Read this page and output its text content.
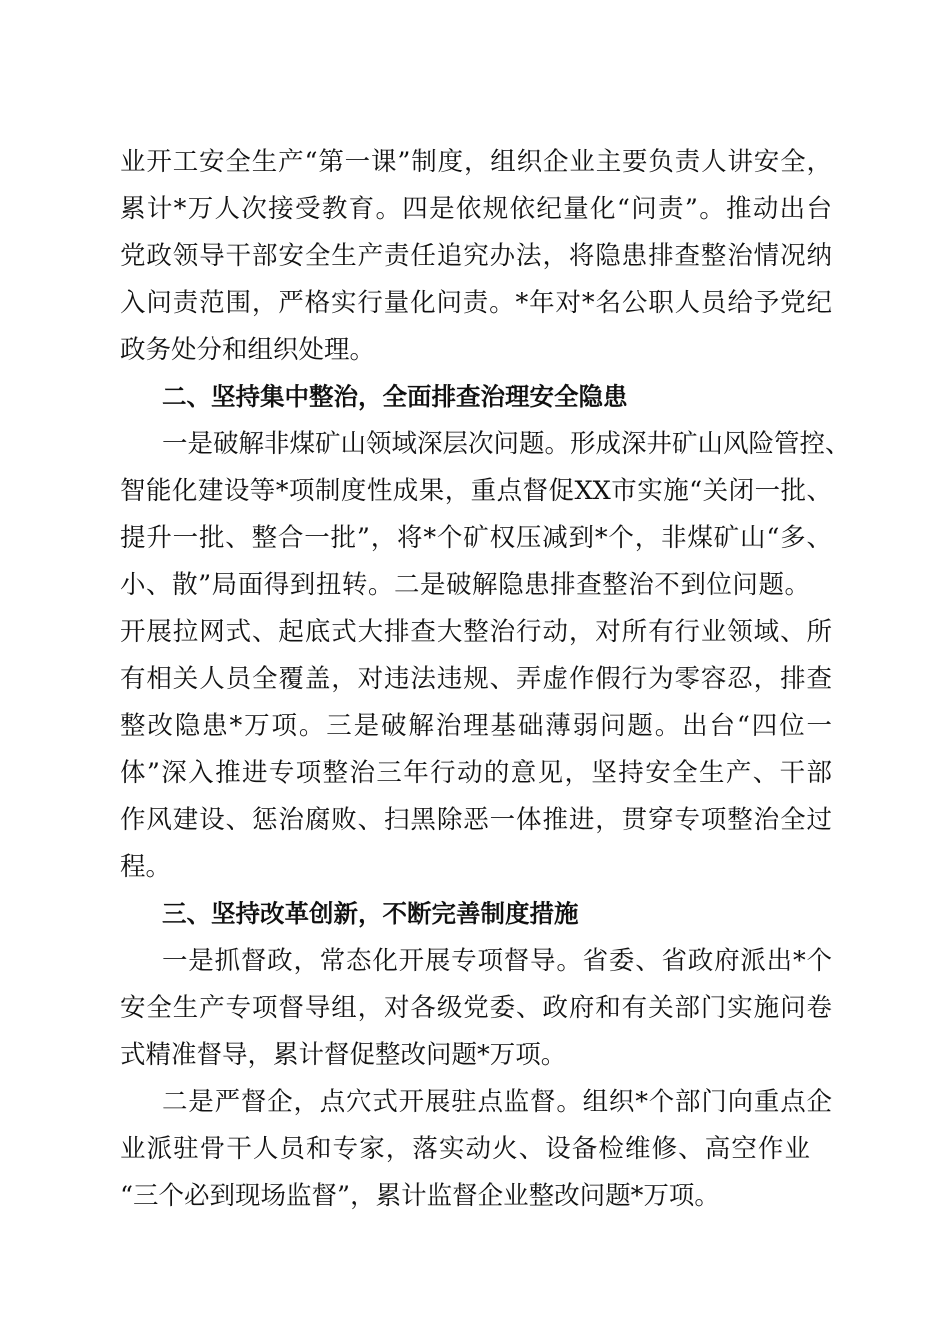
业开工安全生产“第一课”制度，组织企业主要负责人讲安全，
累计*万人次接受教育。四是依规依纪量化“问责”。推动出台
党政领导干部安全生产责任追究办法，将隐患排查整治情况纳
入问责范围，严格实行量化问责。*年对*名公职人员给予党纪
政务处分和组织处理。
二、坚持集中整治，全面排查治理安全隐患
一是破解非煤矿山领域深层次问题。形成深井矿山风险管控、
智能化建设等*项制度性成果，重点督促XX市实施“关闭一批、
提升一批、整合一批”，将*个矿权压减到*个，非煤矿山“多、
小、散”局面得到扭转。二是破解隐患排查整治不到位问题。
开展拉网式、起底式大排查大整治行动，对所有行业领域、所
有相关人员全覆盖，对违法违规、弄虚作假行为零容忍，排查
整改隐患*万项。三是破解治理基础薄弱问题。出台“四位一
体”深入推进专项整治三年行动的意见，坚持安全生产、干部
作风建设、惩治腐败、扫黑除恶一体推进，贯穿专项整治全过
程。
三、坚持改革创新，不断完善制度措施
一是抓督政，常态化开展专项督导。省委、省政府派出*个
安全生产专项督导组，对各级党委、政府和有关部门实施问卷
式精准督导，累计督促整改问题*万项。
二是严督企，点穴式开展驻点监督。组织*个部门向重点企
业派驻骨干人员和专家，落实动火、设备检维修、高空作业
“三个必到现场监督”，累计监督企业整改问题*万项。
